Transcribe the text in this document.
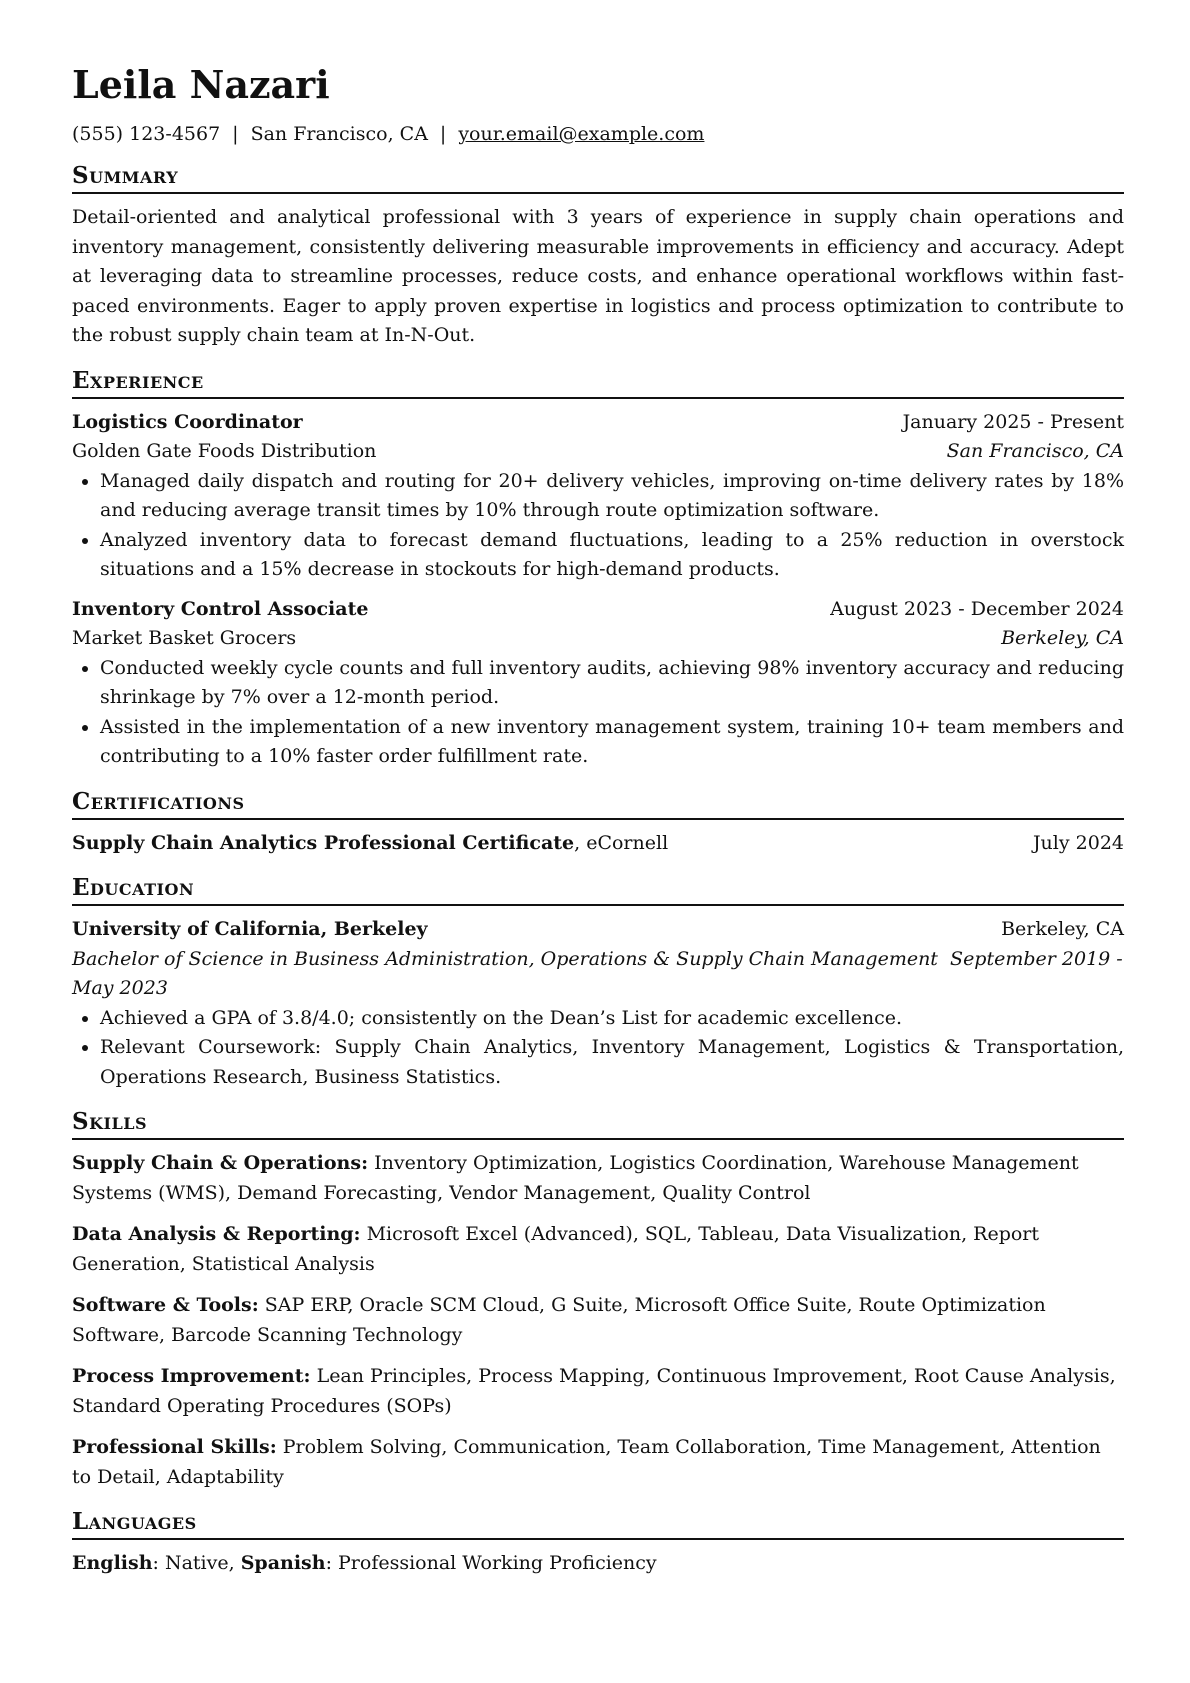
Leila Nazari
(555) 123-4567 | San Francisco, CA | your.email@example.com
Summary
Detail-oriented and analytical professional with 3 years of experience in supply chain operations and inventory management, consistently delivering measurable improvements in efficiency and accuracy. Adept at leveraging data to streamline processes, reduce costs, and enhance operational workflows within fast-paced environments. Eager to apply proven expertise in logistics and process optimization to contribute to the robust supply chain team at In-N-Out.
Experience
Logistics Coordinator	January 2025 - Present
Golden Gate Foods Distribution	San Francisco, CA
• Managed daily dispatch and routing for 20+ delivery vehicles, improving on-time delivery rates by 18% and reducing average transit times by 10% through route optimization software.
• Analyzed inventory data to forecast demand fluctuations, leading to a 25% reduction in overstock situations and a 15% decrease in stockouts for high-demand products.
Inventory Control Associate	August 2023 - December 2024
Market Basket Grocers	Berkeley, CA
• Conducted weekly cycle counts and full inventory audits, achieving 98% inventory accuracy and reducing shrinkage by 7% over a 12-month period.
• Assisted in the implementation of a new inventory management system, training 10+ team members and contributing to a 10% faster order fulfillment rate.
Certifications
Supply Chain Analytics Professional Certificate, eCornell	July 2024
Education
University of California, Berkeley	Berkeley, CA
Bachelor of Science in Business Administration, Operations & Supply Chain Management September 2019 - May 2023
• Achieved a GPA of 3.8/4.0; consistently on the Dean’s List for academic excellence.
• Relevant Coursework: Supply Chain Analytics, Inventory Management, Logistics & Transportation, Operations Research, Business Statistics.
Skills
Supply Chain & Operations: Inventory Optimization, Logistics Coordination, Warehouse Management Systems (WMS), Demand Forecasting, Vendor Management, Quality Control
Data Analysis & Reporting: Microsoft Excel (Advanced), SQL, Tableau, Data Visualization, Report Generation, Statistical Analysis
Software & Tools: SAP ERP, Oracle SCM Cloud, G Suite, Microsoft Office Suite, Route Optimization Software, Barcode Scanning Technology
Process Improvement: Lean Principles, Process Mapping, Continuous Improvement, Root Cause Analysis, Standard Operating Procedures (SOPs)
Professional Skills: Problem Solving, Communication, Team Collaboration, Time Management, Attention to Detail, Adaptability
Languages
English: Native, Spanish: Professional Working Proficiency
